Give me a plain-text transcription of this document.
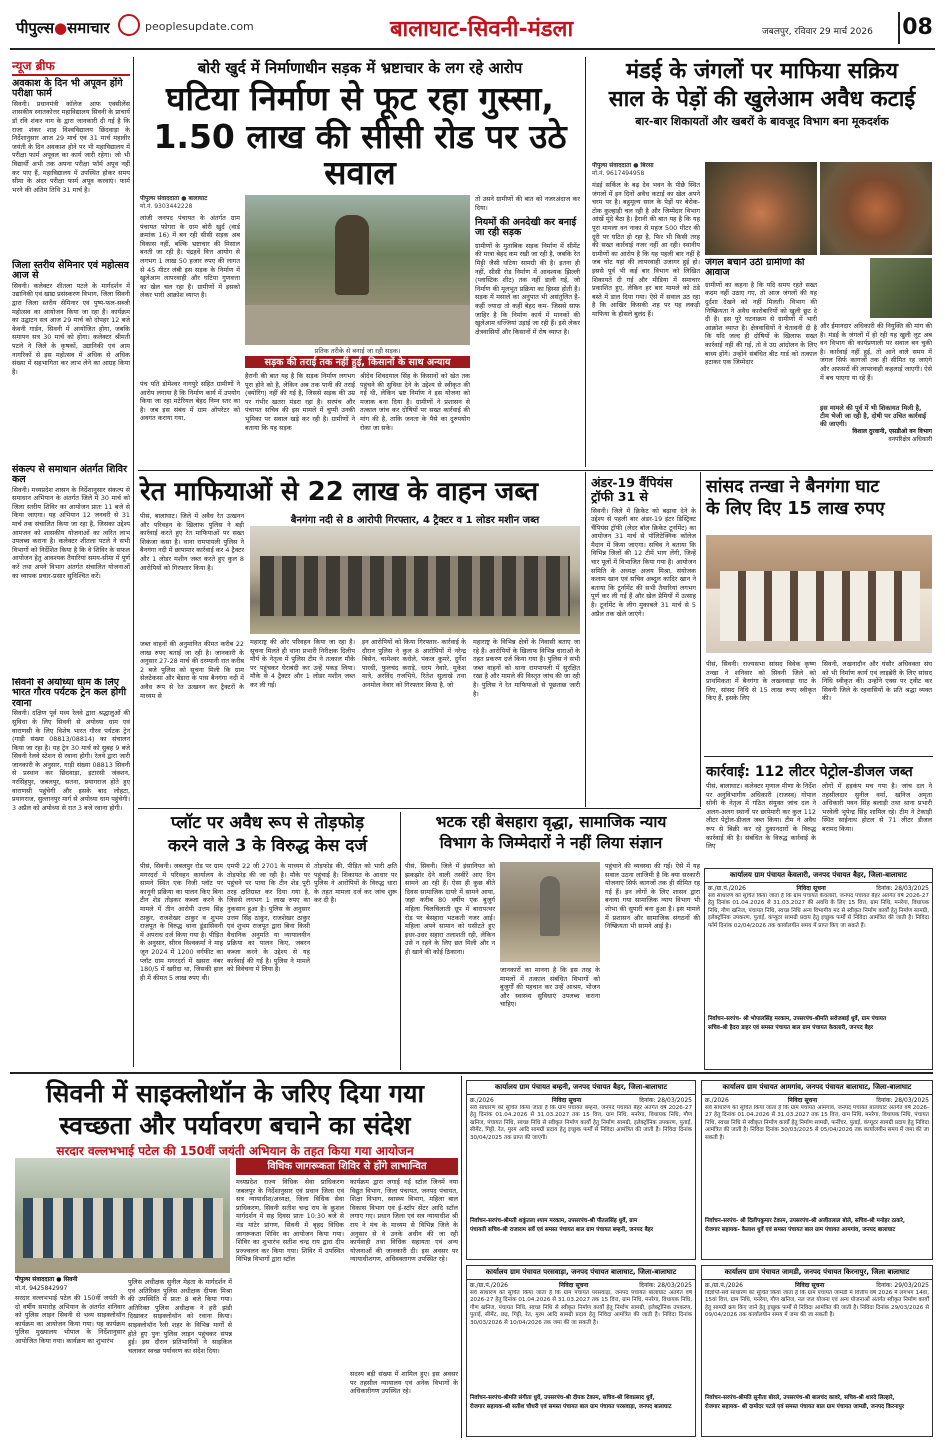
पीपुल्स●समाचार	peoplesupdate.com	बालाघाट-सिवनी-मंडला	जबलपुर, रविवार 29 मार्च 2026 08
न्यूज ब्रीफ
अवकाश के दिन भी अपूवन होंगे परीक्षा फार्म
सिवनी। प्रधानमंत्री कॉलेज आफ एक्सीलेंस शासकीय स्नातकोत्तर महाविद्यालय सिवनी के प्राचार्य डॉ रवि शंकर नाग के द्वारा जानकारी दी गई है कि राजा शंकर शाह विश्वविद्यालय छिंदवाड़ा के निर्देशानुसार आज 29 मार्च एवं 31 मार्च महावीर जयंती के दिन अवकाश होने पर भी महाविद्यालय में परीक्षा फार्म अपूवल का कार्य जारी रहेगा। जो भी विद्यार्थी अभी तक अपना परीक्षा फॉर्म अपूव नहीं कर पाए हैं, महाविद्यालय में उपस्थित होकर समय सीमा के अंदर परीक्षा फार्म अपूव करवाएं। फार्म भरने की अंतिम तिथि 31 मार्च है।
जिला स्तरीय सेमिनार एवं महोत्सव आज से
सिवनी। कलेक्टर शीतला पटले के मार्गदर्शन में उद्यानिकी एवं खाद्य प्रसंस्करण विभाग, जिला सिवनी द्वारा जिला स्तरीय सेमिनार एवं पुष्प-फल-सब्जी महोत्सव का आयोजन किया जा रहा है। कार्यक्रम का उद्घाटन सत्र आज 29 मार्च को दोपहर 12 बजे केवनी गार्डन, सिवनी में आयोजित होगा, जबकि समापन सत्र 30 मार्च को होगा। कलेक्टर श्रीमती पटले ने जिले के कृषकों, उद्यानिकी एवं आम नागरिकों से इस महोत्सव में अधिक से अधिक संख्या में सहभागिता कर लाभ लेने का आग्रह किया है।
संकल्प से समाधान अंतर्गत शिविर कल
सिवनी। मध्यप्रदेश शासन के निर्देशानुसार संकल्प से समाधान अभियान के अंतर्गत जिले में 30 मार्च को जिला स्तरीय शिविर का आयोजन प्रातः 11 बजे से किया जाएगा। यह अभियान 12 जनवरी से 31 मार्च तक संचालित किया जा रहा है, जिसका उद्देश्य आमजन को शासकीय योजनाओं का त्वरित लाभ उपलब्ध कराना है। कलेक्टर शीतला पटले ने सभी विभागों को निर्देशित किया है कि वे शिविर के सफल आयोजन हेतु आवश्यक तैयारियां समय-सीमा में पूर्ण करें तथा अपने विभाग अंतर्गत संचालित योजनाओं का व्यापक प्रचार-प्रसार सुनिश्चित करें।
सिवनी से अयोध्या धाम के लिए भारत गौरव पर्यटक ट्रेन कल होगी रवाना
सिवनी। दक्षिण पूर्व मध्य रेलवे द्वारा श्रद्धालुओं की सुविधा के लिए सिवनी से अयोध्या धाम एवं वाराणसी के लिए विशेष भारत गौरव पर्यटक ट्रेन (गाड़ी संख्या 08813/08814) का संचालन किया जा रहा है। यह ट्रेन 30 मार्च को सुबह 9 बजे सिवनी रेलवे स्टेशन से रवाना होगी। रेलवे द्वारा जारी जानकारी के अनुसार, गाड़ी संख्या 08813 सिवनी से प्रस्थान कर छिंदवाड़ा, इटारसी जंक्शन, नरसिंहपुर, जबलपुर, सतना, प्रयागराज होते हुए वाराणसी पहुंचेगी और इसके बाद लोहटा, प्रयागराज, सुल्तानपुर मार्ग से अयोध्या धाम पहुंचेगी। 3 अप्रैल को अयोध्या से रात 3 बजे रवाना होगी।
बोरी खुर्द में निर्माणाधीन सड़क में भ्रष्टाचार के लग रहे आरोप
घटिया निर्माण से फूट रहा गुस्सा,
1.50 लाख की सीसी रोड पर उठे सवाल
पीपुल्स संवाददाता ● बालाघाट
मो.नं. 9303442228
लांजी जनपद पंचायत के अंतर्गत ग्राम पंचायत फोगरा के ग्राम बोरी खुर्द (वार्ड क्रमांक 16) में बन रही सीसी सड़क अब विकास नहीं, बल्कि भ्रष्टाचार की मिसाल बनती जा रही है। पंद्रहवें वित्त आयोग से लगभग 1 लाख 50 हजार रुपए की लागत से 45 मीटर लंबी इस सड़क के निर्माण में खुलेआम लापरवाही और घटिया गुणवत्ता का खेल चल रहा है। ग्रामीणों में इसको लेकर भारी आक्रोश व्याप्त है।
प्रतिक तरीके से बनाई जा रही सड़क।
सड़क की तराई तक नहीं हुई, किसानों के साथ अन्याय
हैरानी की बात यह है कि सड़क निर्माण लगभग पूरा होने को है, लेकिन अब तक पानी की तराई (क्योरिंग) नहीं की गई है, जिससे सड़क की उम्र पर गंभीर खतरा मंडरा रहा है। सरपंच और पंचायत सचिव की इस मामले में चुप्पी उनकी भूमिका पर सवाल खड़े कर रही है। ग्रामीणों ने बताया कि यह सड़क
श्रीदेव शिवदयाल सिंह के किसानों को खेत तक पहुंचने की सुविधा देने के उद्देश्य से स्वीकृत की गई थी, लेकिन भ्रष्ट निर्माण ने इस योजना को मजाक बना दिया है। ग्रामीणों ने प्रशासन से तत्काल जांच कर दोषियों पर सख्त कार्रवाई की मांग की है, ताकि जनता के पैसे का दुरुपयोग रोका जा सके।
तो उसने ग्रामीणों की बात को नजरअंदाज कर दिया।
नियमों की अनदेखी कर बनाई जा रही सड़क
ग्रामीणों के मुताबिक सड़क निर्माण में सीमेंट की मात्रा बेहद कम रखी जा रही है, जबकि रेत मिट्टी जैसी घटिया सामग्री की है। इतना ही नहीं, सीसी रोड निर्माण में आवश्यक झिल्ली (प्लास्टिक शीट) तक नहीं डाली गई, जो निर्माण की मूलभूत प्रक्रिया का हिस्सा होती है। सड़क में मसाले का अनुपात भी असंतुलित है-कहीं ज्यादा तो कहीं बेहद कम- जिससे साफ जाहिर है कि निर्माण कार्य में मानकों की खुलेआम धज्जियां उड़ाई जा रही हैं। इसे लेकर क्षेत्रवासियों और किसानों में रोष व्याप्त है।
पंच पति डोमेश्वर नागपुरे सहित ग्रामीणों ने आरोप लगाया है कि निर्माण कार्य में उपयोग किया जा रहा मटेरियल बेहद निम्न स्तर का है। जब इस संबंध में ग्राम ऑपरेटर को अवगत कराया गया,
मंडई के जंगलों पर माफिया सक्रिय
साल के पेड़ों की खुलेआम अवैध कटाई
बार-बार शिकायतों और खबरों के बावजूद विभाग बना मूकदर्शक
पीपुल्स संवाददाता ● बिरसा
मो.नं. 9617494958
मंडई सर्किल के बढ़ देव भवन के पीछे स्थित जंगलों में इन दिनों अवैध कटाई का खेल अपने चरम पर है। बहुमूल्य साल के पेड़ों पर बेरोक-टोक कुल्हाड़ी चल रही है और जिम्मेदार विभाग आंखें मूंदे बैठा है। हैरानी की बात यह है कि यह पूरा मामला वन नाका से महज 500 मीटर की दूरी पर घटित हो रहा है, फिर भी किसी तरह की सख्त कार्रवाई नजर नहीं आ रही। स्थानीय ग्रामीणों का आरोप है कि यह पहली बार नहीं है जब चोट यहां की लापरवाही उजागर हुई हो। इससे पूर्व भी कई बार विभाग को लिखित शिकायतें दी गई और मीडिया में समाचार प्रकाशित हुए, लेकिन हर बार मामले को ठंडे बस्ते में डाल दिया गया। ऐसे में सवाल उठ रहा है कि आखिर किसकी शह पर यह लकड़ी माफिया के हौसले बुलंद हैं।
जंगल बचाने उठी ग्रामीणों की आवाज
ग्रामीणों का कहना है कि यदि समय रहते सख्त कदम नहीं उठाए गए, तो आज जंगलों की यह दुर्दशा देखने को नहीं मिलती। विभाग की निष्क्रियता ने अवैध कारोबारियों को खुली छूट दे दी है। इस पूरे घटनाक्रम से ग्रामीणों में भारी आक्रोश व्याप्त है। क्षेत्रवासियों ने चेतावनी दी है कि यदि जल्द ही दोषियों के खिलाफ सख्त कार्रवाई नहीं की गई, तो वे उग्र आंदोलन के लिए बाध्य होंगे। उन्होंने संबंधित बीट गार्ड को तत्काल हटाकर एक जिम्मेदार
और ईमानदार अधिकारी की नियुक्ति की मांग की है। मंडई के जंगलों में हो रही यह खुली लूट अब वन विभाग की कार्यप्रणाली पर सवाल बन चुकी है। कार्रवाई नहीं हुई, तो आने वाले समय में जंगल सिर्फ कागजों तक ही सीमित रह जाएंगे और अफसरों की लापरवाही कहलाई जाएगी। ऐसे में बच पाएगा या रहे हैं।
इस मामले की पूर्व में भी शिकायत मिली है, टीम भेजी जा रही है, दोषी पर उचित कार्रवाई की जाएगी।
विशाल दुरवानी, एसडीओ वन विभाग
वनपरिक्षेत्र अधिकारी
रेत माफियाओं से 22 लाख के वाहन जब्त
बैनगंगा नदी से 8 आरोपी गिरफ्तार, 4 ट्रैक्टर व 1 लोडर मशीन जब्त
पीसं, बालाघाट। जिले में अवैध रेत उत्खनन और परिवहन के खिलाफ पुलिस ने बड़ी कार्रवाई करते हुए रेत माफियाओं पर सख्त शिकंजा कसा है। थाना रामपायली पुलिस ने बैनगंगा नदी में छापामार कार्रवाई कर 4 ट्रैक्टर और 1 लोडर मशीन जब्त करते हुए कुल 8 आरोपियों को गिरफ्तार किया है।
जब्त वाहनों की अनुमानित कीमत करीब 22 लाख रुपए बताई जा रही है। जानकारी के अनुसार 27-28 मार्च की दरम्यानी रात करीब 2 बजे पुलिस को सूचना मिली कि ग्राम सेलटेकसा और बेंडारा के पास बैनगंगा नदी में अवैध रूप से रेत उत्खनन कर ट्रैक्टरों के माध्यम से
महाराष्ट्र की ओर परिवहन किया जा रहा है। सूचना मिलते ही थाना प्रभारी निरीक्षक दिलीप मौर्य के नेतृत्व में पुलिस टीम ने तत्काल मौके पर पहुंचकर घेराबंदी कर उन्हें पकड़ लिया। मौके से 4 ट्रैक्टर और 1 लोडर मशीन जब्त कर ली गई।
इन आरोपियों को किया गिरफ्तार- कार्रवाई के दौरान पुलिस ने कुल 8 आरोपियों में नरेन्द्र बिसेन, चामेश्वर करोले, पंकज कुमरे, दुर्गेश पारधी, फुलचंद कराड़े, धरम नेवारे, मुकेश मात्रे, अरविंद गजभिये, रितेश सुलाखे तथा अनमोल नेवार को गिरफ्तार किया है, जो
महाराष्ट्र के विभिन्न क्षेत्रों के निवासी बताए जा रहे हैं। आरोपियों के खिलाफ विभिन्न धाराओं के तहत प्रकरण दर्ज किया गया है। पुलिस ने सभी जब्त वाहनों को थाना रामपायली में सुरक्षित रखा है और मामले की विस्तृत जांच की जा रही है। पुलिस ने रेत माफियाओं से पूछताछ जारी है।
अंडर-19 वैंपियंस
ट्रॉफी 31 से
सिवनी। जिले में क्रिकेट को बढ़ावा देने के उद्देश्य से पहली बार अंडर-19 इंटर डिस्ट्रिक्ट चैंपियंस ट्रॉफी (लेदर बॉल क्रिकेट टूर्नामेंट) का आयोजन 31 मार्च से पॉलिटेक्निक कॉलेज मैदान में किया जाएगा। सचिव ने बताया कि विभिन्न जिलों की 12 टीमें भाग लेंगी, जिन्हें चार पूलों में विभाजित किया गया है। आयोजन समिति के अध्यक्ष अजय मिश्रा, संयोजक कलाम खान एवं सचिव अब्दुल कादिर खान ने बताया कि टूर्नामेंट की सभी तैयारियां लगभग पूर्ण कर ली गई हैं और खेल प्रेमियों में उत्साह है। टूर्नामेंट के लीग मुकाबले 31 मार्च से 5 अप्रैल तक खेले जाएंगे।
सांसद तन्खा ने बैनगंगा घाट
के लिए दिए 15 लाख रुपए
पीसं, सिवनी। राज्यसभा सांसद विवेक कृष्ण तन्खा ने शनिवार को सिवनी जिले को प्राथमिकता में बैनगंगा के लखनवाड़ा घाट के लिए, सांसद निधि से 15 लाख रुपए स्वीकृत किए हैं, इसके लिए
सिवनी, लखनादौन और घंसौर अधिवक्ता संघ को भी निर्माण कार्य एवं लाइब्रेरी के लिए सांसद निधि स्वीकृत की। उन्होंने एक्स पर ट्वीट कर सिवनी जिले के रहवासियों के प्रति श्रद्धा व्यक्त की।
कार्रवाई: 112 लीटर पेट्रोल-डीजल जब्त
पीसं, बालाघाट। कलेक्टर मृणाल मीणा के निर्देश पर अनुविभागीय अधिकारी (राजस्व) गोपाल सोनी के नेतृत्व में गठित संयुक्त जांच दल ने अलग-अलग स्थानों पर छापेमारी कर कुल 112 लीटर पेट्रोल-डीजल जब्त किया। टीम ने अवैध रूप से बिक्री कर रहे दुकानदारों के विरुद्ध कार्रवाई की है। संबंधित के विरुद्ध कार्रवाई के लिए
लोगों में हड़कंप मच गया है। जांच दल ने तहसीलदार सुनील वर्मा, खनिज अमृता अधिकारी पवन सिंह बलाड़ी तथा थाना प्रभारी भरवेली भूपेन्द्र सिंह शामिल रहे। टीम ने टेकाड़ी स्थित साईनाथ होटल से 71 लीटर डीजल बरामद किया।
प्लॉट पर अवैध रूप से तोड़फोड़
करने वाले 3 के विरुद्ध केस दर्ज
पीसं, सिवनी। जबलपुर रोड पर ग्राम मगरदर्रा में परिवहन कार्यालय के सामने स्थित एक निजी प्लॉट पर कानूनी प्रक्रिया का पालन किए बिना टीन शेड तोड़कर कब्जा करने के मामले में तीन आरोपी उत्तम सिंह ठाकुर, राजशेखर ठाकुर व शुभम राजपूत के विरुद्ध थाना डूंडासिवनी में अपराध दर्ज किया गया है। पीड़ित के अनुसार, सीरव विश्वकर्मा ने माह जून 2024 में 1200 वर्गफीट का प्लॉट ग्राम मगरदर्रा में खसरा नंबर 180/5 में खरीदा था, जिसकी हाल ही में कीमत 5 लाख रुपए थी।
एमपी 22 जी 2701 के माध्यम से तोड़फोड़ की जा रही है। मौके पर पहुंचने पर पाया कि टीन शेड पूरी तरह क्षतिग्रस्त कर दिया गया है, जिससे लगभग 1 लाख रुपए का नुकसान हुआ है। पुलिस के अनुसार उत्तम सिंह ठाकुर, राजशेखर ठाकुर एवं शुभम राजपूत द्वारा बिना किसी वैधानिक अनुमति या न्यायालयीन प्रक्रिया का पालन किए, जबरन कब्जा करने के उद्देश्य से यह कार्रवाई की गई है। पुलिस ने मामले को विवेचना में लिया है।
तोड़फोड़ की, पीड़ित को भारी क्षति पहुंचाई है। शिकायत के आधार पर पुलिस ने आरोपियों के विरुद्ध धारा के तहत मामला दर्ज कर जांच शुरू कर दी है।
भटक रही बेसहारा वृद्धा, सामाजिक न्याय
विभाग के जिम्मेदारों ने नहीं लिया संज्ञान
पीसं, सिवनी। जिले में इंसानियत को झकझोर देने वाली तस्वीरें आए दिन सामने आ रही हैं। ऐसा ही कुछ बीते दिवस सामाजिक दायरे में सामने आया, जहां करीब 80 वर्षीय एक बुजुर्ग महिला चिलचिलाती धूप में बारापत्थर रोड पर बेसहारा भटकती नजर आई। महिला अपने सामान को घसीटते हुए इधर-उधर सहारा तलाशती रही, लेकिन उसे न रहने के लिए छत मिली और न ही खाने की कोई ठिकाना।
जानकारों का मानना है कि इस तरह के मामलों में तत्काल संबंधित विभागों को बुजुर्गों की पहचान कर उन्हें आश्रय, भोजन और स्वास्थ्य सुविधाएं उपलब्ध कराना चाहिए।
पहुंचाने की व्यवस्था की गई। ऐसे में यह सवाल उठना लाजिमी है कि क्या सरकारी योजनाएं सिर्फ कागजों तक ही सीमित रह गई हैं। इन लोगों के लिए शासन द्वारा बनाया गया सामाजिक न्याय विभाग भी शोभा की सुपारी बना हुआ है। इस मामले में प्रशासन और सामाजिक संगठनों की निष्क्रियता भी सामने आई है।
कार्यालय ग्राम पंचायत केवलारी, जनपद पंचायत बैहर, जिला-बालाघाट
क्र./ग्रा.पं./2026	निविदा सूचना	दिनांक: 28/03/2025
सर्व साधारण को सूचित किया जाता है कि ग्राम पंचायत केवलारी, जनपद पंचायत बैहर अंतर्गत वर्ष 2026-27 हेतु दिनांक 01.04.2026 से 31.03.2027 की अवधि के लिए 15 वित्त, ग्राम निधि, मनरेगा, विधायक निधि, गौण खनिज, पंचायत निधि, स्वच्छ निधि अन्य विभागीय मद से स्वीकृत निर्माण कार्यों हेतु निर्माण सामग्री, इलेक्ट्रॉनिक उपकरण, पुताई, कंप्यूटर सामग्री प्रदाय हेतु इच्छुक फर्मों से निविदा आमंत्रित की जाती है। निविदा फॉर्म दिनांक 02/04/2026 तक कार्यालयीन समय में प्राप्त किए जा सकते हैं।
निर्वाचन-सरपंच- श्री भोपालसिंह मरकाम, उपसरपंच-श्रीमति सरोजबाई धुर्वे, ग्राम पंचायत
सचिव-श्री हैदरा डाहर एवं समस्त पंचायत बाल ग्राम पंचायत केवलारी, जनपद बैहर
सिवनी में साइक्लोथॉन के जरिए दिया गया
स्वच्छता और पर्यावरण बचाने का संदेश
सरदार वल्लभभाई पटेल की 150वीं जयंती अभियान के तहत किया गया आयोजन
पीपुल्स संवाददाता ● सिवनी
मो.नं. 9425842997
सरदार वल्लभभाई पटेल की 150वीं जयंती के दो वर्षीय समारोह अभियान के अंतर्गत शनिवार को पुलिस लाइन सिवनी से भव्य साइक्लोथॉन कार्यक्रम का आयोजन किया गया। यह कार्यक्रम पुलिस मुख्यालय भोपाल के निर्देशानुसार आयोजित किया गया। कार्यक्रम का शुभारंभ
पुलिस अधीक्षक सुनील मेहता के मार्गदर्शन में एवं अतिरिक्त पुलिस अधीक्षक दीपक मिश्रा की उपस्थिति में प्रातः 8 बजे किया गया। अतिरिक्त पुलिस अधीक्षक ने हरी झंडी दिखाकर साइक्लोथॉन को रवाना किया। साइक्लोथॉन रैली शहर के विभिन्न मार्गों से होते हुए पुनः पुलिस लाइन पहुंचकर संपन्न हुई। इस दौरान प्रतिभागियों ने साइकिल चलाकर स्वच्छ पर्यावरण का संदेश दिया।
विधिक जागरूकता शिविर से होंगे लाभान्वित
मध्यप्रदेश राज्य विधिक सेवा प्राधिकरण जबलपुर के निर्देशानुसार एवं प्रधान जिला एवं सत्र न्यायाधीश/अध्यक्ष, जिला विधिक सेवा प्राधिकरण, सिवनी सतीश चन्द्र राय के कुशल मार्गदर्शन में सह दिवस प्रातः 10:30 बजे से मंड मांटेर प्रांगण, सिवनी में बृहद विधिक जागरूकता शिविर का आयोजन किया गया। शिविर का शुभारंभ सतीश चन्द्र राय द्वारा दीप प्रज्ज्वलन कर किया गया। शिविर में उपस्थित विभिन्न विभागों द्वारा स्टॉल
कार्यक्रम द्वारा लगाई गई स्टॉल जिनमें नया विद्युत विभाग, जिला पंचायत, जनपद पंचायत, शिक्षा विभाग, स्वास्थ्य विभाग, महिला बाल विकास विभाग एवं ई-स्टॉप सेंटर आदि स्टॉल लगाए गए। प्रधान जिला एवं सत्र न्यायाधीश श्री राय ने मंच के माध्यम से विभिन्न जिले के अनुसार से वे उनके अधीन की जा रही कार्यवाही तथा विधिक सहायता एवं अन्य योजनाओं की जानकारी दी। इस अवसर पर न्यायाधीशगण, अधिवक्तागण उपस्थित रहे।
सदस्य बड़ी संख्या में शामिल हुए। इस अवसर पर तहसील न्यायालय एवं अनेक विभागों के अधिकारीगण उपस्थित रहे।
कार्यालय ग्राम पंचायत बम्हनी, जनपद पंचायत बैहर, जिला-बालाघाट
क्र./2026	निविदा सूचना	दिनांक: 28/03/2025
सर्व साधारण को सूचित किया जाता है कि ग्राम पंचायत बम्हनी, जनपद पंचायत बैहर अंतर्गत वर्ष 2026-27 हेतु दिनांक 01.04.2026 से 31.03.2027 तक 15 वित्त, ग्राम निधि, मनरेगा, विधायक निधि, गौण खनिज, पंचायत निधि, स्वच्छ निधि से स्वीकृत निर्माण कार्यों हेतु निर्माण सामग्री, इलेक्ट्रॉनिक उपकरण, पुताई, सीमेंट, गिट्टी, रेत, मुरम आदि सामग्री प्रदाय हेतु इच्छुक फर्मों से निविदा आमंत्रित की जाती है। निविदा दिनांक 30/04/2025 तक प्राप्त की जाएगी।
निर्वाचन-सरपंच-श्रीमती शकुंतला श्याम मरकाम, उपसरपंच-श्री पीतलसिंह धुर्वे, ग्राम
पंचायती सचिव-श्री राजाराम सर्वे एवं समस्त पंचायत बाल ग्राम पंचायत बम्हनी, जनपद बैहर
कार्यालय ग्राम पंचायत आमगांव, जनपद पंचायत बालाघाट, जिला-बालाघाट
क्र./2026	निविदा सूचना	दिनांक: 28/03/2025
सर्व साधारण को सूचित किया जाता है कि ग्राम पंचायत आमगांव, जनपद पंचायत बालाघाट अंतर्गत वर्ष 2026-27 हेतु दिनांक 01.04.2026 से 31.03.2027 तक 15 वित्त, ग्राम निधि, मनरेगा, विधायक निधि, पंचायत निधि, स्वच्छ निधि से स्वीकृत निर्माण कार्यों हेतु निर्माण सामग्री, फर्नीचर, पुताई, कंप्यूटर सामग्री प्रदाय हेतु निविदा आमंत्रित की जाती है। निविदा दिनांक 30/03/2025 से 05/04/2026 तक कार्यालयीन समय में जमा की जा सकती है।
निर्वाचन-सरपंच- श्री दिलीपकुमार टेकाम, उपसरपंच-श्री अजीतलाल बोले, सचिव-श्री मनोहर ठाकरे,
रोजगार सहायक- कैलाश धुर्वे एवं समस्त पंचायत बाल ग्राम पंचायत आमगांव, जनपद बालाघाट
कार्यालय ग्राम पंचायत परसवाड़ा, जनपद पंचायत बालाघाट, जिला-बालाघाट
क्र./ग्रा.पं./2026	निविदा सूचना	दिनांक: 28/03/2025
सर्व साधारण को सूचित किया जाता है कि ग्राम पंचायत परसवाड़ा, जनपद पंचायत बालाघाट अंतर्गत वर्ष 2026-27 हेतु दिनांक 01.04.2026 से 31.03.2027 तक 15 वित्त, ग्राम निधि, मनरेगा, विधायक निधि, गौण खनिज, पंचायत निधि, स्वच्छ निधि से स्वीकृत निर्माण कार्यों हेतु निर्माण सामग्री, इलेक्ट्रॉनिक उपकरण, पुताई, सीमेंट, छड़, गिट्टी, रेत, मुरम आदि सामग्री प्रदाय हेतु निविदा आमंत्रित की जाती है। निविदा दिनांक 30/03/2026 से 10/04/2026 तक जमा की जा सकती है।
निर्वाचन-सरपंच-श्रीमति संगीता धुर्वे, उपसरपंच-श्री दीपक टेकाम, सचिव-श्री शिवप्रसाद धुर्वे,
रोजगार सहायक-श्री सतीश चौधरी एवं समस्त पंचायत बाल ग्राम पंचायत परसवाड़ा, जनपद बालाघाट
कार्यालय ग्राम पंचायत जामडी, जनपद पंचायत किरनापुर, जिला बालाघाट
क्र./ग्रा.पं./2026	निविदा सूचना	दिनांक: 29/03/2025
विज्ञप्ति-सर्व साधारण को सूचित किया जाता है कि ग्राम पंचायत जामडी में वित्तीय वर्ष 2026 में लगभग 14वां, 15वां वित्त, ग्राम निधि, मनरेगा, गौण खनिज, नल जल योजना एवं अन्य योजनाओं अंतर्गत स्वीकृत निर्माण कार्यों हेतु सामग्री क्रय किए जाने हेतु इच्छुक फर्मों से निविदा आमंत्रित की जाती है। निविदा दिनांक 29/03/2026 से 09/04/2026 तक कार्यालयीन समय में जमा की जा सकती है।
निर्वाचन-सरपंच-श्रीमति सुनीता बोरले, उपसरपंच-श्री बालचंद कावरे, सचिव-श्री शारदे लिल्हारे,
रोजगार सहायक- श्री दामोदर पटले एवं समस्त पंचायत बाल ग्राम पंचायत जामडी, जनपद किरनापुर
